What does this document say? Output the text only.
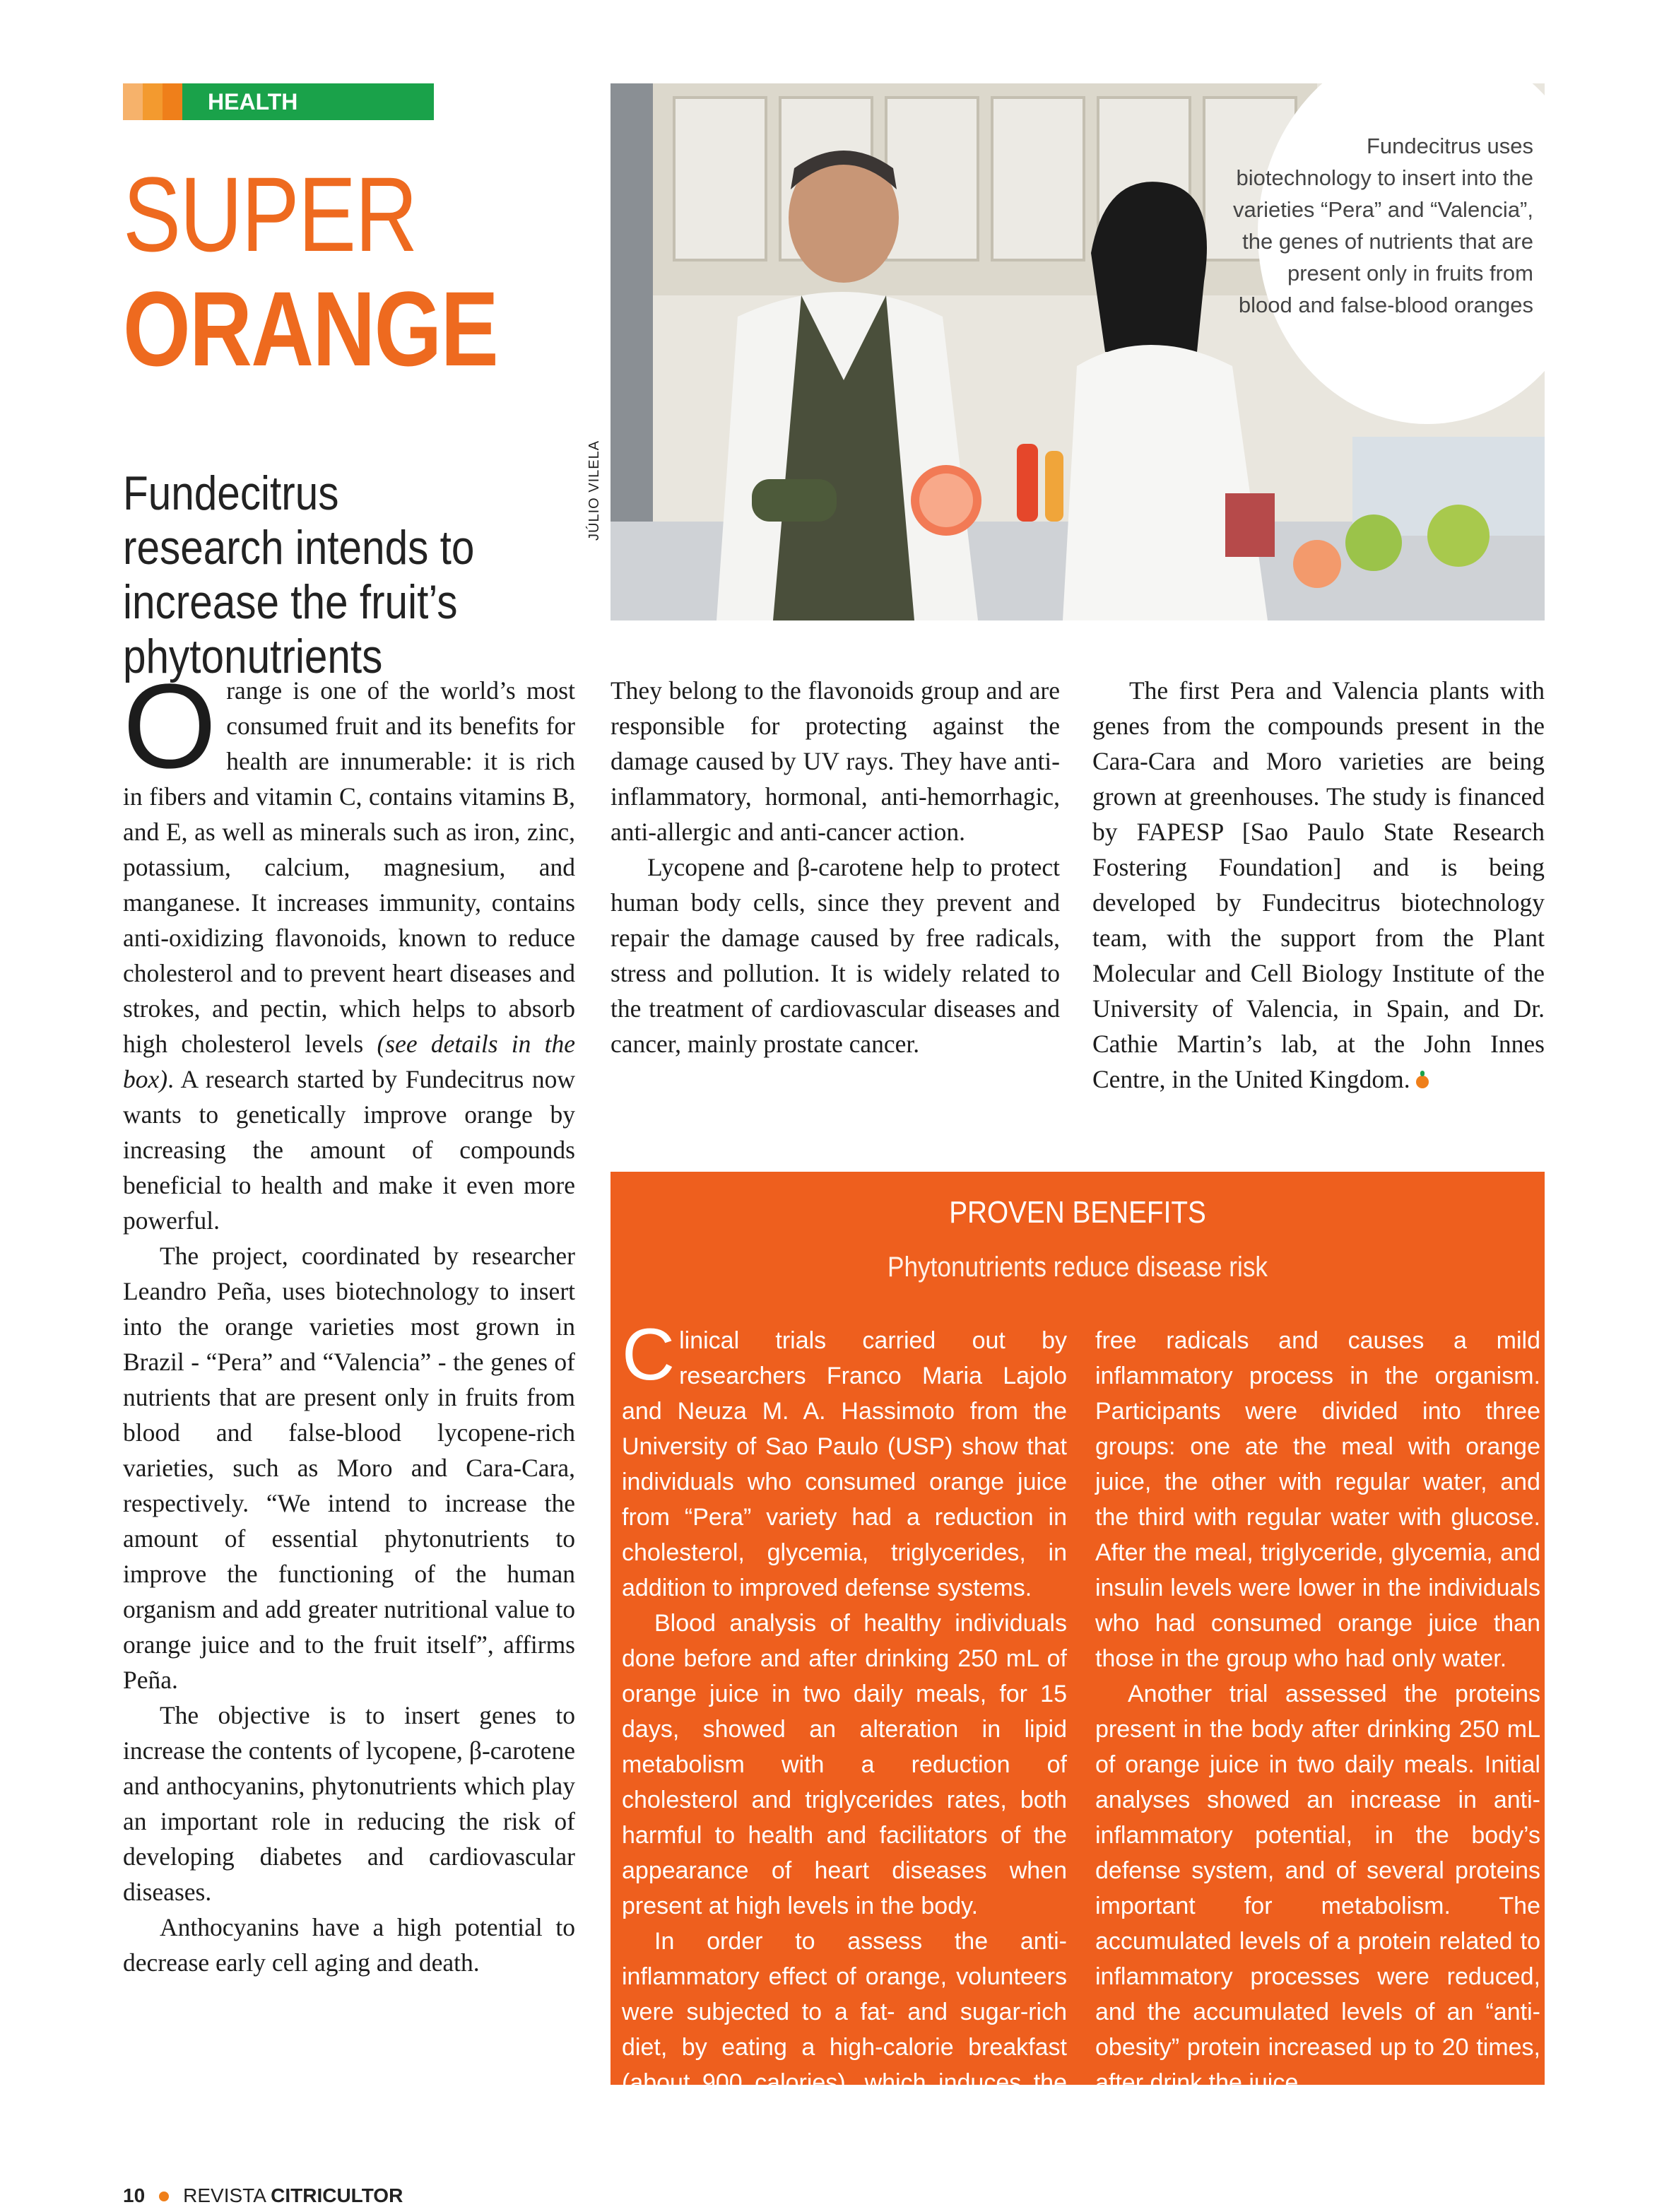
HEALTH
SUPER
ORANGE
Fundecitrus research intends to increase the fruit’s phytonutrients
JÚLIO VILELA
Fundecitrus uses biotechnology to insert into the varieties “Pera” and “Valencia”, the genes of nutrients that are present only in fruits from blood and false-blood oranges

Orange is one of the world’s most consumed fruit and its benefits for health are innumerable: it is rich in fibers and vitamin C, contains vitamins B, and E, as well as minerals such as iron, zinc, potassium, calcium, magnesium, and manganese. It increases immunity, contains anti-oxidizing flavonoids, known to reduce cholesterol and to prevent heart diseases and strokes, and pectin, which helps to absorb high cholesterol levels (see details in the box). A research started by Fundecitrus now wants to genetically improve orange by increasing the amount of compounds beneficial to health and make it even more powerful.

The project, coordinated by researcher Leandro Peña, uses biotechnology to insert into the orange varieties most grown in Brazil - “Pera” and “Valencia” - the genes of nutrients that are present only in fruits from blood and false-blood lycopene-rich varieties, such as Moro and Cara-Cara, respectively. “We intend to increase the amount of essential phytonutrients to improve the functioning of the human organism and add greater nutritional value to orange juice and to the fruit itself”, affirms Peña.

The objective is to insert genes to increase the contents of lycopene, β-carotene and anthocyanins, phytonutrients which play an important role in reducing the risk of developing diabetes and cardiovascular diseases.

Anthocyanins have a high potential to decrease early cell aging and death.

They belong to the flavonoids group and are responsible for protecting against the damage caused by UV rays. They have anti-inflammatory, hormonal, anti-hemorrhagic, anti-allergic and anti-cancer action.

Lycopene and β-carotene help to protect human body cells, since they prevent and repair the damage caused by free radicals, stress and pollution. It is widely related to the treatment of cardiovascular diseases and cancer, mainly prostate cancer.

The first Pera and Valencia plants with genes from the compounds present in the Cara-Cara and Moro varieties are being grown at greenhouses. The study is financed by FAPESP [Sao Paulo State Research Fostering Foundation] and is being developed by Fundecitrus biotechnology team, with the support from the Plant Molecular and Cell Biology Institute of the University of Valencia, in Spain, and Dr. Cathie Martin’s lab, at the John Innes Centre, in the United Kingdom.

PROVEN BENEFITS
Phytonutrients reduce disease risk

Clinical trials carried out by researchers Franco Maria Lajolo and Neuza M. A. Hassimoto from the University of Sao Paulo (USP) show that individuals who consumed orange juice from “Pera” variety had a reduction in cholesterol, glycemia, triglycerides, in addition to improved defense systems.

Blood analysis of healthy individuals done before and after drinking 250 mL of orange juice in two daily meals, for 15 days, showed an alteration in lipid metabolism with a reduction of cholesterol and triglycerides rates, both harmful to health and facilitators of the appearance of heart diseases when present at high levels in the body.

In order to assess the anti-inflammatory effect of orange, volunteers were subjected to a fat- and sugar-rich diet, by eating a high-calorie breakfast (about 900 calories), which induces the formation of

free radicals and causes a mild inflammatory process in the organism. Participants were divided into three groups: one ate the meal with orange juice, the other with regular water, and the third with regular water with glucose. After the meal, triglyceride, glycemia, and insulin levels were lower in the individuals who had consumed orange juice than those in the group who had only water.

Another trial assessed the proteins present in the body after drinking 250 mL of orange juice in two daily meals. Initial analyses showed an increase in anti-inflammatory potential, in the body’s defense system, and of several proteins important for metabolism. The accumulated levels of a protein related to inflammatory processes were reduced, and the accumulated levels of an “anti-obesity” protein increased up to 20 times, after drink the juice.

10 REVISTA CITRICULTOR
